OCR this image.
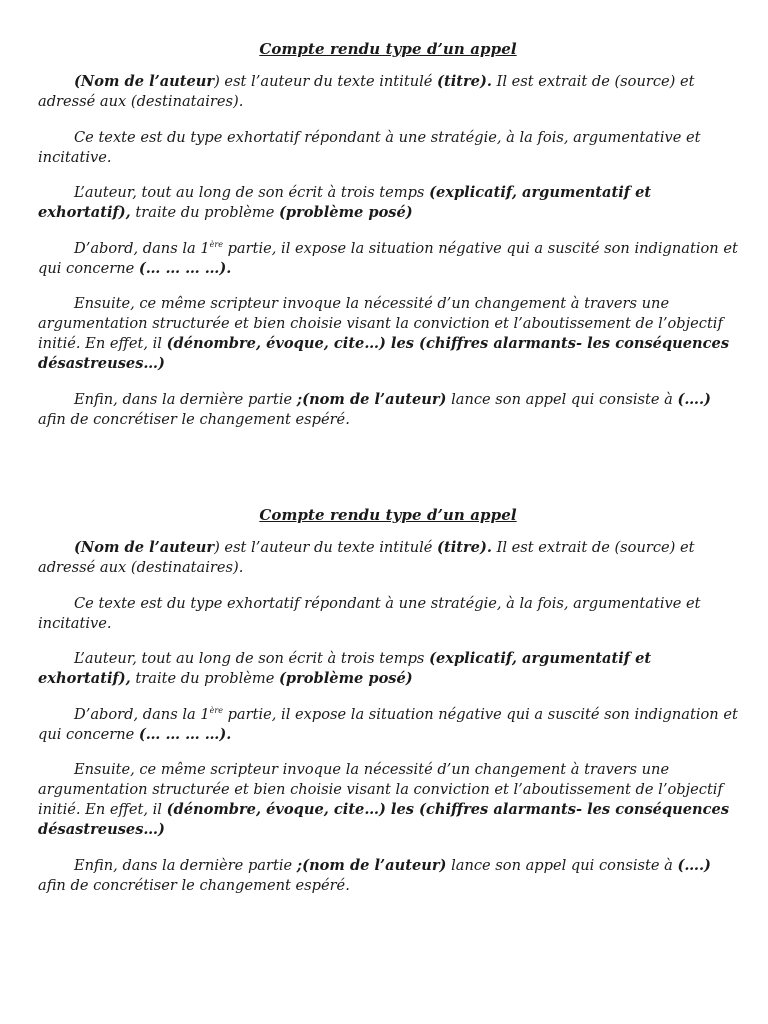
Compte rendu type d’un appel

(Nom de l’auteur) est l’auteur du texte intitulé (titre). Il est extrait de (source) et adressé aux (destinataires).

Ce texte est du type exhortatif répondant à une stratégie, à la fois, argumentative et incitative.

L’auteur, tout au long de son écrit à trois temps (explicatif, argumentatif et exhortatif), traite du problème (problème posé)

D’abord, dans la 1ère partie, il expose la situation négative qui a suscité son indignation et qui concerne (… … … …).

Ensuite, ce même scripteur invoque la nécessité d’un changement à travers une argumentation structurée et bien choisie visant la conviction et l’aboutissement de l’objectif initié. En effet, il (dénombre, évoque, cite…) les (chiffres alarmants- les conséquences désastreuses…)

Enfin, dans la dernière partie ;(nom de l’auteur) lance son appel qui consiste à (….) afin de concrétiser le changement espéré.

Compte rendu type d’un appel

(Nom de l’auteur) est l’auteur du texte intitulé (titre). Il est extrait de (source) et adressé aux (destinataires).

Ce texte est du type exhortatif répondant à une stratégie, à la fois, argumentative et incitative.

L’auteur, tout au long de son écrit à trois temps (explicatif, argumentatif et exhortatif), traite du problème (problème posé)

D’abord, dans la 1ère partie, il expose la situation négative qui a suscité son indignation et qui concerne (… … … …).

Ensuite, ce même scripteur invoque la nécessité d’un changement à travers une argumentation structurée et bien choisie visant la conviction et l’aboutissement de l’objectif initié. En effet, il (dénombre, évoque, cite…) les (chiffres alarmants- les conséquences désastreuses…)

Enfin, dans la dernière partie ;(nom de l’auteur) lance son appel qui consiste à (….) afin de concrétiser le changement espéré.
